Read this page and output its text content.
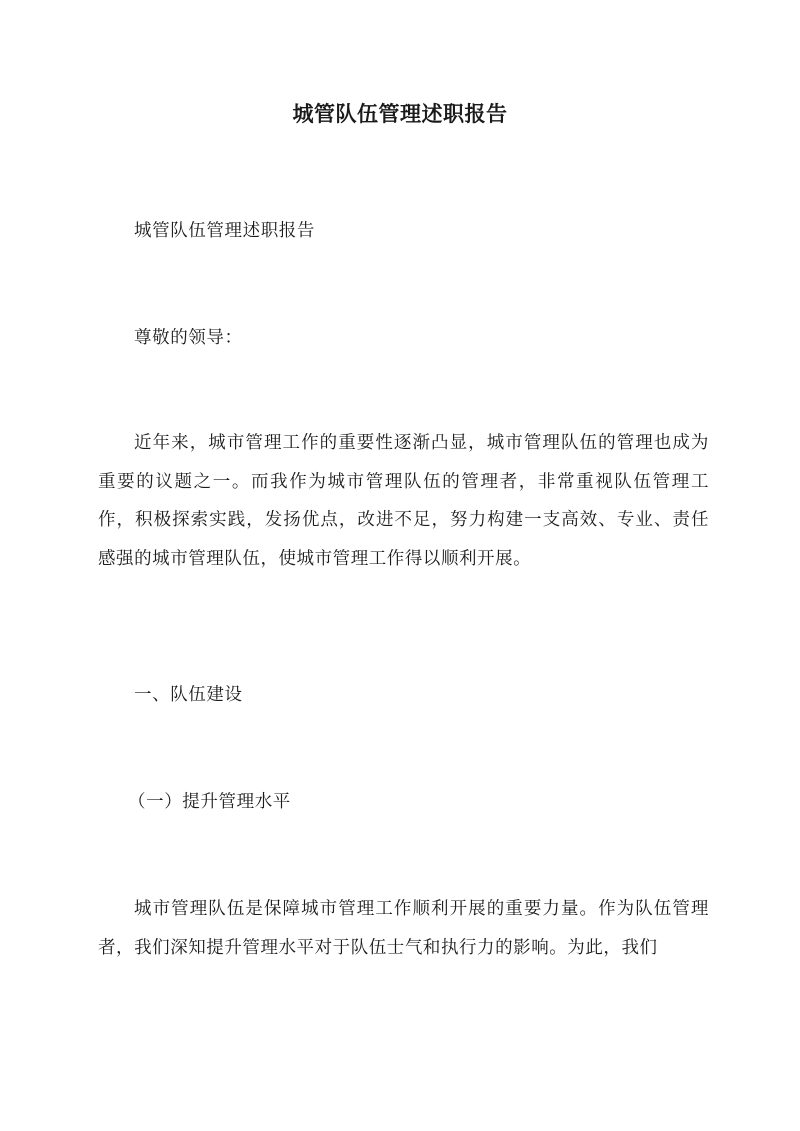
城管队伍管理述职报告
城管队伍管理述职报告
尊敬的领导：
近年来，城市管理工作的重要性逐渐凸显，城市管理队伍的管理也成为重要的议题之一。而我作为城市管理队伍的管理者，非常重视队伍管理工作，积极探索实践，发扬优点，改进不足，努力构建一支高效、专业、责任感强的城市管理队伍，使城市管理工作得以顺利开展。
一、队伍建设
（一）提升管理水平
城市管理队伍是保障城市管理工作顺利开展的重要力量。作为队伍管理者，我们深知提升管理水平对于队伍士气和执行力的影响。为此，我们
